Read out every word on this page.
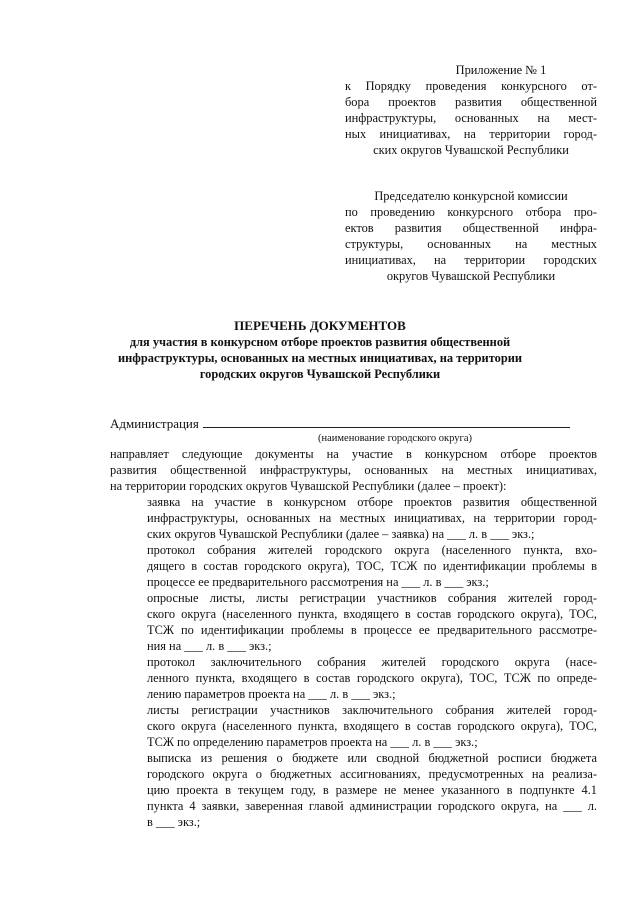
Приложение № 1
к Порядку проведения конкурсного от-
бора проектов развития общественной
инфраструктуры, основанных на мест-
ных инициативах, на территории город-
ских округов Чувашской Республики
Председателю конкурсной комиссии
по проведению конкурсного отбора про-
ектов развития общественной инфра-
структуры, основанных на местных
инициативах, на территории городских
округов Чувашской Республики
ПЕРЕЧЕНЬ ДОКУМЕНТОВ
для участия в конкурсном отборе проектов развития общественной
инфраструктуры, основанных на местных инициативах, на территории
городских округов Чувашской Республики
Администрация
(наименование городского округа)

направляет следующие документы на участие в конкурсном отборе проектов
развития общественной инфраструктуры, основанных на местных инициативах,
на территории городских округов Чувашской Республики (далее – проект):

заявка на участие в конкурсном отборе проектов развития общественной
инфраструктуры, основанных на местных инициативах, на территории город-
ских округов Чувашской Республики (далее – заявка) на ___ л. в ___ экз.;

протокол собрания жителей городского округа (населенного пункта, вхо-
дящего в состав городского округа), ТОС, ТСЖ по идентификации проблемы в
процессе ее предварительного рассмотрения на ___ л. в ___ экз.;

опросные листы, листы регистрации участников собрания жителей город-
ского округа (населенного пункта, входящего в состав городского округа), ТОС,
ТСЖ по идентификации проблемы в процессе ее предварительного рассмотре-
ния на ___ л. в ___ экз.;

протокол заключительного собрания жителей городского округа (насе-
ленного пункта, входящего в состав городского округа), ТОС, ТСЖ по опреде-
лению параметров проекта на ___ л. в ___ экз.;

листы регистрации участников заключительного собрания жителей город-
ского округа (населенного пункта, входящего в состав городского округа), ТОС,
ТСЖ по определению параметров проекта на ___ л. в ___ экз.;

выписка из решения о бюджете или сводной бюджетной росписи бюджета
городского округа о бюджетных ассигнованиях, предусмотренных на реализа-
цию проекта в текущем году, в размере не менее указанного в подпункте 4.1
пункта 4 заявки, заверенная главой администрации городского округа, на ___ л.
в ___ экз.;
